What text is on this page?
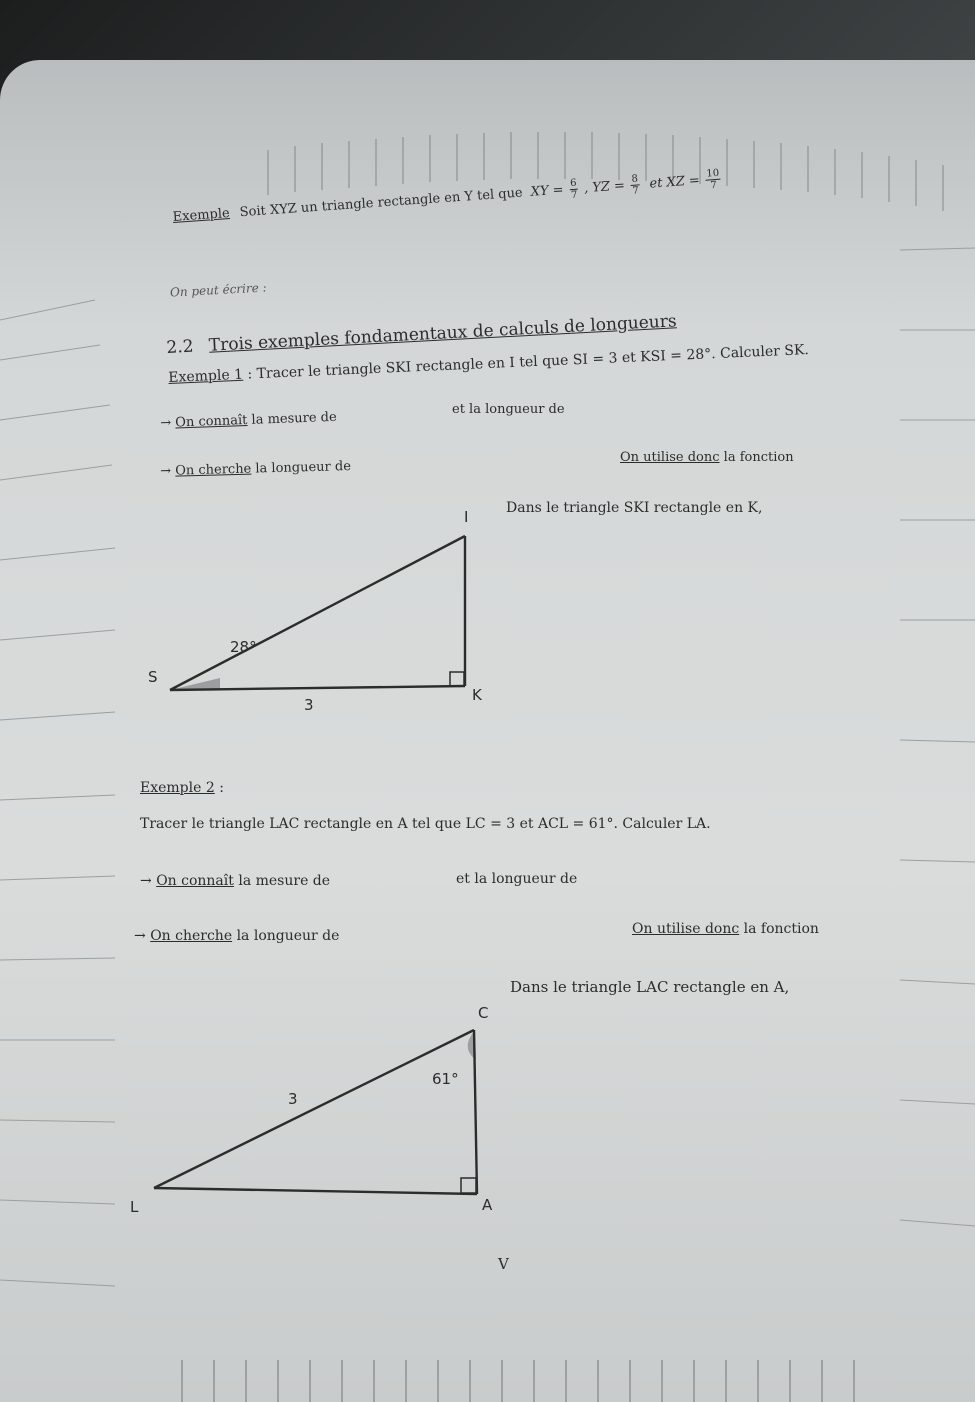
Exemple Soit XYZ un triangle rectangle en Y tel que XY = $\frac{6}{7}$ , YZ = $\frac{8}{7}$ et XZ = $\frac{10}{7}$
On peut écrire :
2.2 Trois exemples fondamentaux de calculs de longueurs
Exemple 1 : Tracer le triangle SKI rectangle en I tel que SI = 3 et KSI = 28°. Calculer SK.
→ On connaît la mesure de
et la longueur de
→ On cherche la longueur de
On utilise donc la fonction
Dans le triangle SKI rectangle en K,
I
S
K
28°
3
Exemple 2 :
Tracer le triangle LAC rectangle en A tel que LC = 3 et ACL = 61°. Calculer LA.
→ On connaît la mesure de	et la longueur de
→ On cherche la longueur de	On utilise donc la fonction
Dans le triangle LAC rectangle en A,
C
L	A
61°
3
V
